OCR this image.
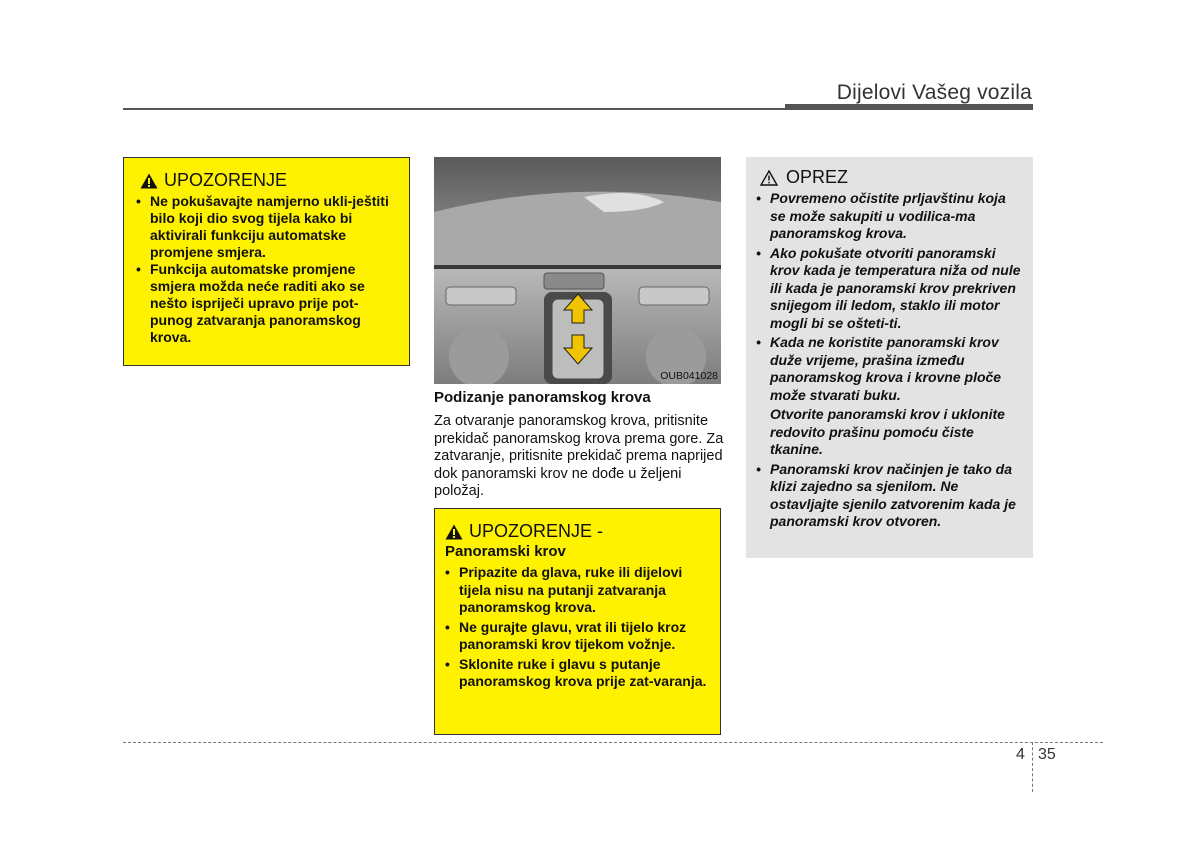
Dijelovi Vašeg vozila
UPOZORENJE
• Ne pokušavajte namjerno ukli-ještiti bilo koji dio svog tijela kako bi aktivirali funkciju automatske promjene smjera.
• Funkcija automatske promjene smjera možda neće raditi ako se nešto ispriječi upravo prije pot-punog zatvaranja panoramskog krova.
OUB041028
Podizanje panoramskog krova

Za otvaranje panoramskog krova, pritisnite prekidač panoramskog krova prema gore. Za zatvaranje, pritisnite prekidač prema naprijed dok panoramski krov ne dođe u željeni položaj.

UPOZORENJE -
Panoramski krov
• Pripazite da glava, ruke ili dijelovi tijela nisu na putanji zatvaranja panoramskog krova.
• Ne gurajte glavu, vrat ili tijelo kroz panoramski krov tijekom vožnje.
• Sklonite ruke i glavu s putanje panoramskog krova prije zat-varanja.
OPREZ
• Povremeno očistite prljavštinu koja se može sakupiti u vodilica-ma panoramskog krova.
• Ako pokušate otvoriti panoramski krov kada je temperatura niža od nule ili kada je panoramski krov prekriven snijegom ili ledom, staklo ili motor mogli bi se ošteti-ti.
• Kada ne koristite panoramski krov duže vrijeme, prašina između panoramskog krova i krovne ploče može stvarati buku.
Otvorite panoramski krov i uklonite redovito prašinu pomoću čiste tkanine.
• Panoramski krov načinjen je tako da klizi zajedno sa sjenilom. Ne ostavljajte sjenilo zatvorenim kada je panoramski krov otvoren.
4 35
